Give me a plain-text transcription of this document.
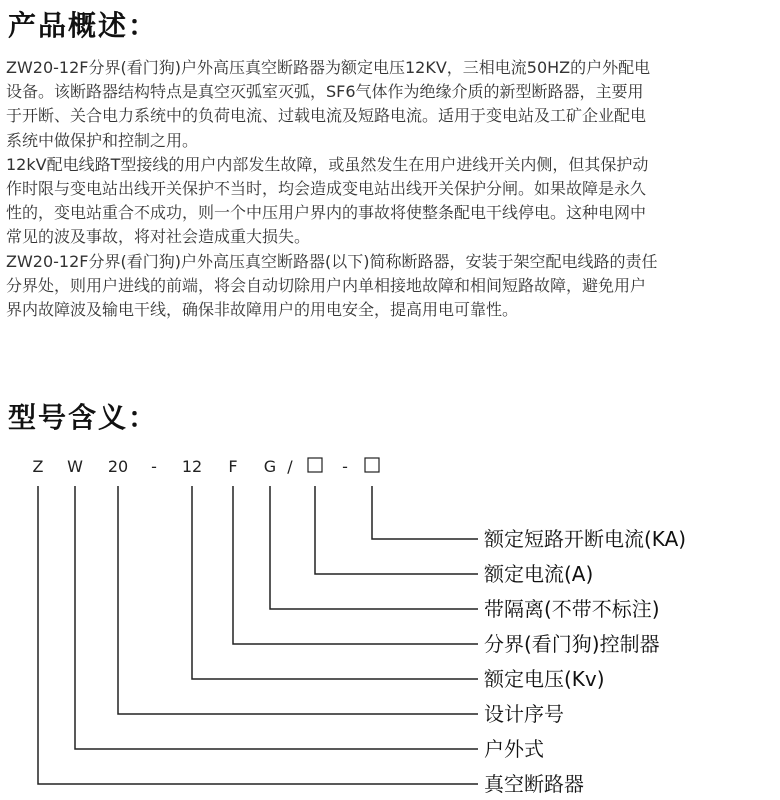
产品概述：

ZW20-12F分界(看门狗)户外高压真空断路器为额定电压12KV，三相电流50HZ的户外配电

设备。该断路器结构特点是真空灭弧室灭弧，SF6气体作为绝缘介质的新型断路器，主要用

于开断、关合电力系统中的负荷电流、过载电流及短路电流。适用于变电站及工矿企业配电

系统中做保护和控制之用。

12kV配电线路T型接线的用户内部发生故障，或虽然发生在用户进线开关内侧，但其保护动

作时限与变电站出线开关保护不当时，均会造成变电站出线开关保护分闸。如果故障是永久

性的，变电站重合不成功，则一个中压用户界内的事故将使整条配电干线停电。这种电网中

常见的波及事故，将对社会造成重大损失。

ZW20-12F分界(看门狗)户外高压真空断路器(以下)简称断路器，安装于架空配电线路的责任

分界处，则用户进线的前端，将会自动切除用户内单相接地故障和相间短路故障，避免用户

界内故障波及输电干线，确保非故障用户的用电安全，提高用电可靠性。

型号含义：
Z W 20 - 12 F G /	-
额定短路开断电流(KA)
额定电流(A)
带隔离(不带不标注)
分界(看门狗)控制器
额定电压(Kv)
设计序号
户外式
真空断路器
